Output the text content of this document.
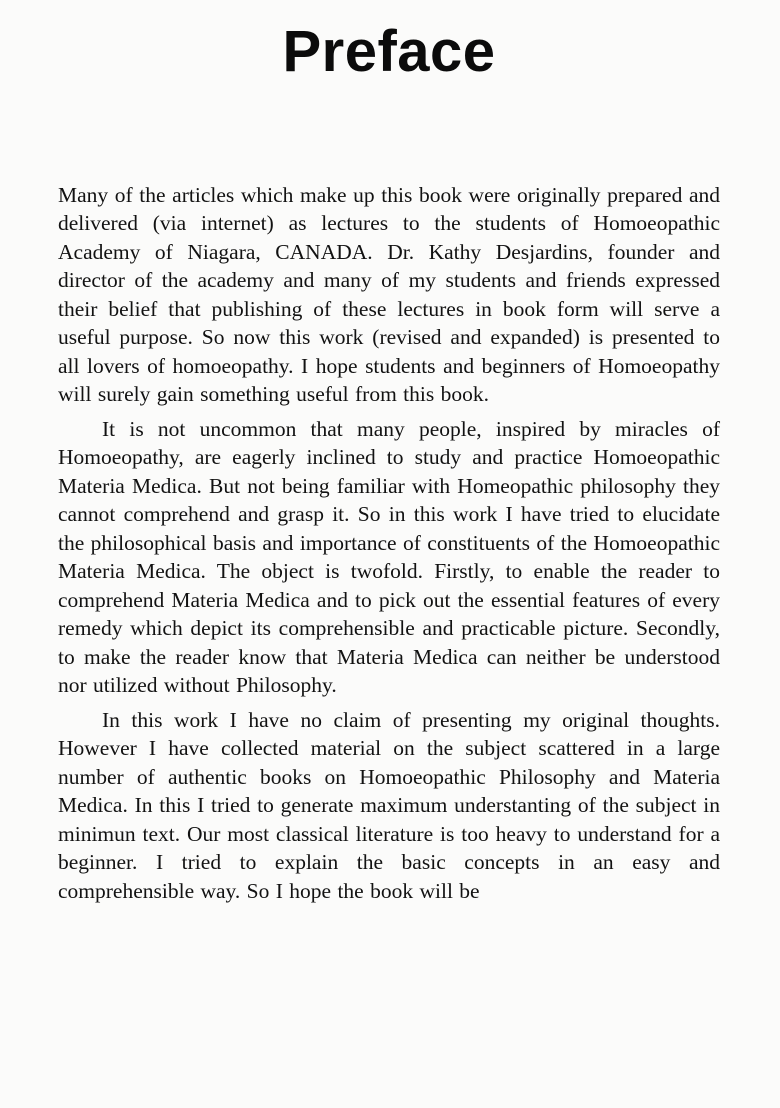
Preface

Many of the articles which make up this book were originally prepared and delivered (via internet) as lectures to the students of Homoeopathic Academy of Niagara, CANADA. Dr. Kathy Desjardins, founder and director of the academy and many of my students and friends expressed their belief that publishing of these lectures in book form will serve a useful purpose. So now this work (revised and expanded) is presented to all lovers of homoeopathy. I hope students and beginners of Homoeopathy will surely gain something useful from this book.

It is not uncommon that many people, inspired by miracles of Homoeopathy, are eagerly inclined to study and practice Homoeopathic Materia Medica. But not being familiar with Homeopathic philosophy they cannot comprehend and grasp it. So in this work I have tried to elucidate the philosophical basis and importance of constituents of the Homoeopathic Materia Medica. The object is twofold. Firstly, to enable the reader to comprehend Materia Medica and to pick out the essential features of every remedy which depict its comprehensible and practicable picture. Secondly, to make the reader know that Materia Medica can neither be understood nor utilized without Philosophy.

In this work I have no claim of presenting my original thoughts. However I have collected material on the subject scattered in a large number of authentic books on Homoeopathic Philosophy and Materia Medica. In this I tried to generate maximum understanting of the subject in minimun text. Our most classical literature is too heavy to understand for a beginner. I tried to explain the basic concepts in an easy and comprehensible way. So I hope the book will be
